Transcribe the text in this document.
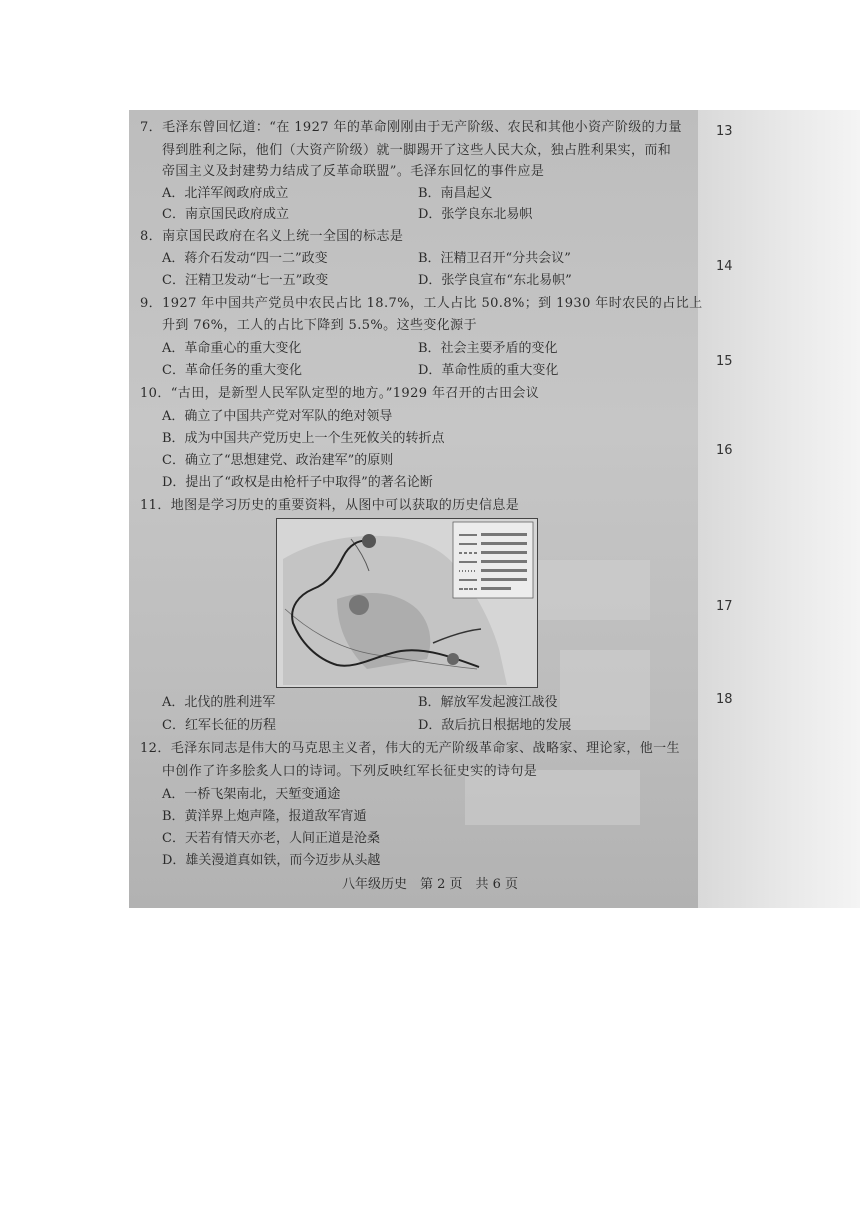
13
14
15
16
17
18
7．毛泽东曾回忆道：“在 1927 年的革命刚刚由于无产阶级、农民和其他小资产阶级的力量
得到胜利之际，他们（大资产阶级）就一脚踢开了这些人民大众，独占胜利果实，而和
帝国主义及封建势力结成了反革命联盟”。毛泽东回忆的事件应是
A．北洋军阀政府成立	B．南昌起义
C．南京国民政府成立	D．张学良东北易帜
8．南京国民政府在名义上统一全国的标志是
A．蒋介石发动“四一二”政变	B．汪精卫召开“分共会议”
C．汪精卫发动“七一五”政变	D．张学良宣布“东北易帜”
9．1927 年中国共产党员中农民占比 18.7%，工人占比 50.8%；到 1930 年时农民的占比上
升到 76%，工人的占比下降到 5.5%。这些变化源于
A．革命重心的重大变化	B．社会主要矛盾的变化
C．革命任务的重大变化	D．革命性质的重大变化
10．“古田，是新型人民军队定型的地方。”1929 年召开的古田会议
A．确立了中国共产党对军队的绝对领导
B．成为中国共产党历史上一个生死攸关的转折点
C．确立了“思想建党、政治建军”的原则
D．提出了“政权是由枪杆子中取得”的著名论断
11．地图是学习历史的重要资料，从图中可以获取的历史信息是
A．北伐的胜利进军	B．解放军发起渡江战役
C．红军长征的历程	D．敌后抗日根据地的发展
12．毛泽东同志是伟大的马克思主义者，伟大的无产阶级革命家、战略家、理论家，他一生
中创作了许多脍炙人口的诗词。下列反映红军长征史实的诗句是
A．一桥飞架南北，天堑变通途
B．黄洋界上炮声隆，报道敌军宵遁
C．天若有情天亦老，人间正道是沧桑
D．雄关漫道真如铁，而今迈步从头越
八年级历史　第 2 页　共 6 页
